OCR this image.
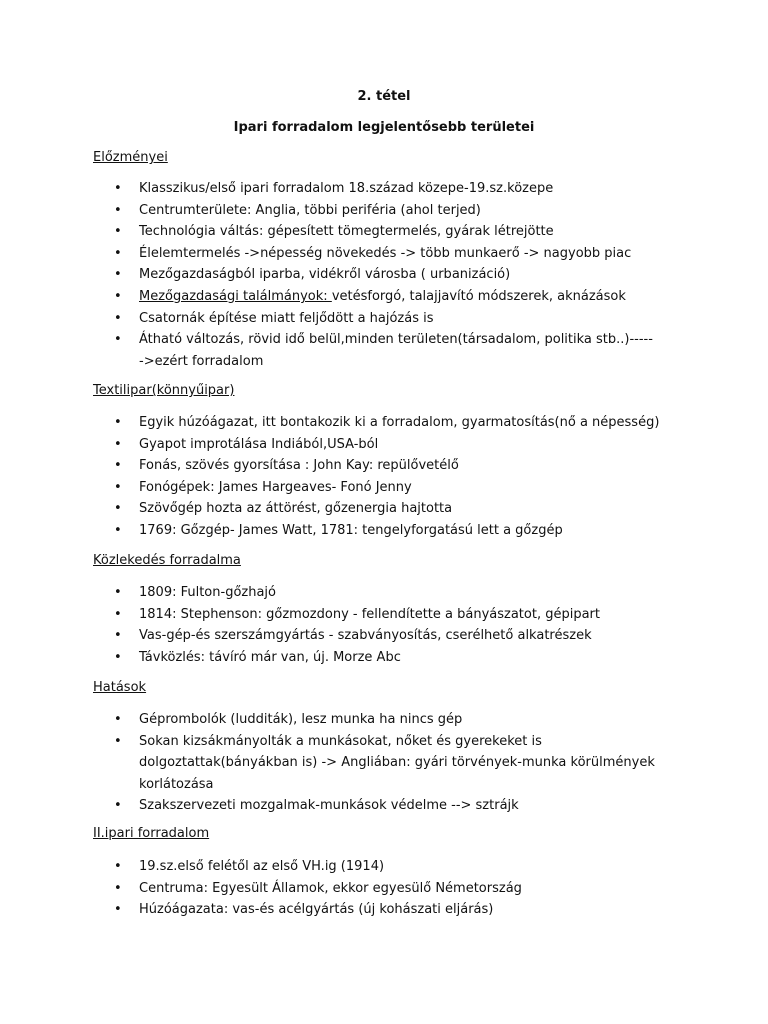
2. tétel
Ipari forradalom legjelentősebb területei
Előzményei
• Klasszikus/első ipari forradalom 18.század közepe-19.sz.közepe
• Centrumterülete: Anglia, többi periféria (ahol terjed)
• Technológia váltás: gépesített tömegtermelés, gyárak létrejötte
• Élelemtermelés ->népesség növekedés -> több munkaerő -> nagyobb piac
• Mezőgazdaságból iparba, vidékről városba ( urbanizáció)
• Mezőgazdasági találmányok: vetésforgó, talajjavító módszerek, aknázások
• Csatornák építése miatt feljődött a hajózás is
• Átható változás, rövid idő belül,minden területen(társadalom, politika stb..)-----
->ezért forradalom
Textilipar(könnyűipar)
• Egyik húzóágazat, itt bontakozik ki a forradalom, gyarmatosítás(nő a népesség)
• Gyapot improtálása Indiából,USA-ból
• Fonás, szövés gyorsítása : John Kay: repülővetélő
• Fonógépek: James Hargeaves- Fonó Jenny
• Szövőgép hozta az áttörést, gőzenergia hajtotta
• 1769: Gőzgép- James Watt, 1781: tengelyforgatású lett a gőzgép
Közlekedés forradalma
• 1809: Fulton-gőzhajó
• 1814: Stephenson: gőzmozdony - fellendítette a bányászatot, gépipart
• Vas-gép-és szerszámgyártás - szabványosítás, cserélhető alkatrészek
• Távközlés: távíró már van, új. Morze Abc
Hatások
• Géprombolók (ludditák), lesz munka ha nincs gép
• Sokan kizsákmányolták a munkásokat, nőket és gyerekeket is
dolgoztattak(bányákban is) -> Angliában: gyári törvények-munka körülmények
korlátozása
• Szakszervezeti mozgalmak-munkások védelme --> sztrájk
II.ipari forradalom
• 19.sz.első felétől az első VH.ig (1914)
• Centruma: Egyesült Államok, ekkor egyesülő Németország
• Húzóágazata: vas-és acélgyártás (új kohászati eljárás)
